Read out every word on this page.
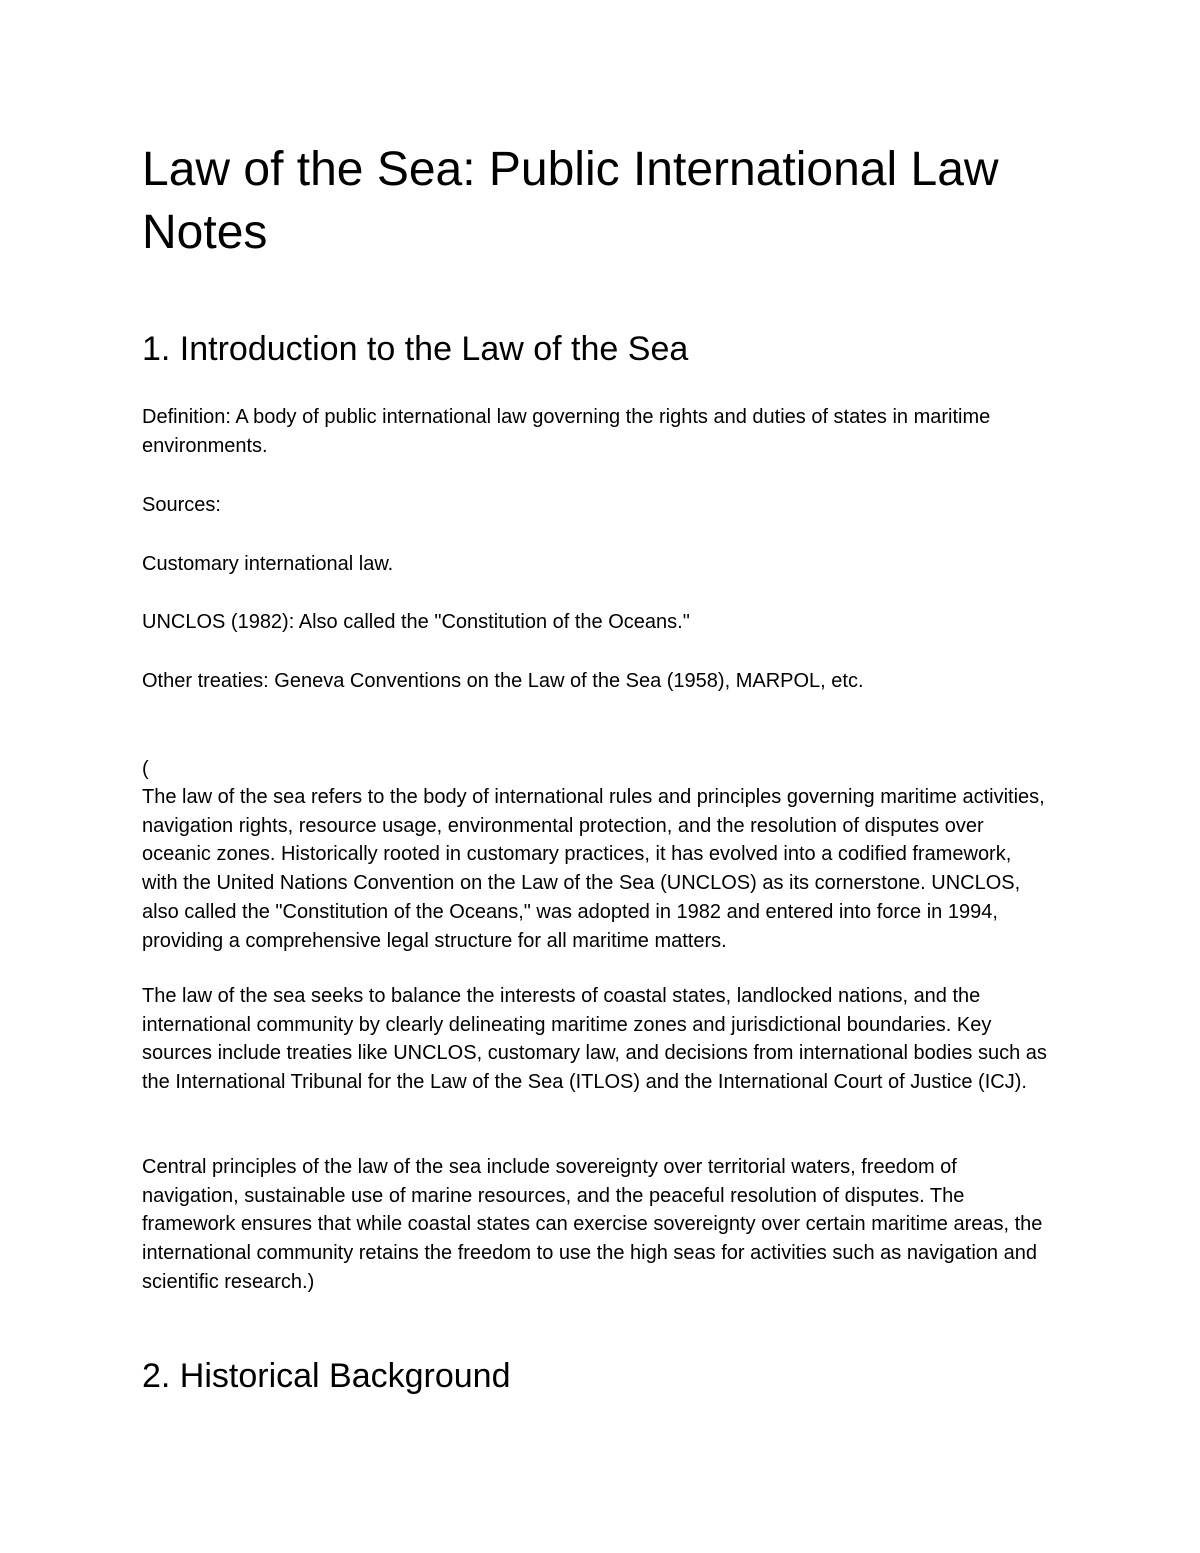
Law of the Sea: Public International Law Notes
1. Introduction to the Law of the Sea

Definition: A body of public international law governing the rights and duties of states in maritime environments.

Sources:

Customary international law.

UNCLOS (1982): Also called the "Constitution of the Oceans."

Other treaties: Geneva Conventions on the Law of the Sea (1958), MARPOL, etc.

(

The law of the sea refers to the body of international rules and principles governing maritime activities, navigation rights, resource usage, environmental protection, and the resolution of disputes over oceanic zones. Historically rooted in customary practices, it has evolved into a codified framework, with the United Nations Convention on the Law of the Sea (UNCLOS) as its cornerstone. UNCLOS, also called the "Constitution of the Oceans," was adopted in 1982 and entered into force in 1994, providing a comprehensive legal structure for all maritime matters.

The law of the sea seeks to balance the interests of coastal states, landlocked nations, and the international community by clearly delineating maritime zones and jurisdictional boundaries. Key sources include treaties like UNCLOS, customary law, and decisions from international bodies such as the International Tribunal for the Law of the Sea (ITLOS) and the International Court of Justice (ICJ).

Central principles of the law of the sea include sovereignty over territorial waters, freedom of navigation, sustainable use of marine resources, and the peaceful resolution of disputes. The framework ensures that while coastal states can exercise sovereignty over certain maritime areas, the international community retains the freedom to use the high seas for activities such as navigation and scientific research.)

2. Historical Background
